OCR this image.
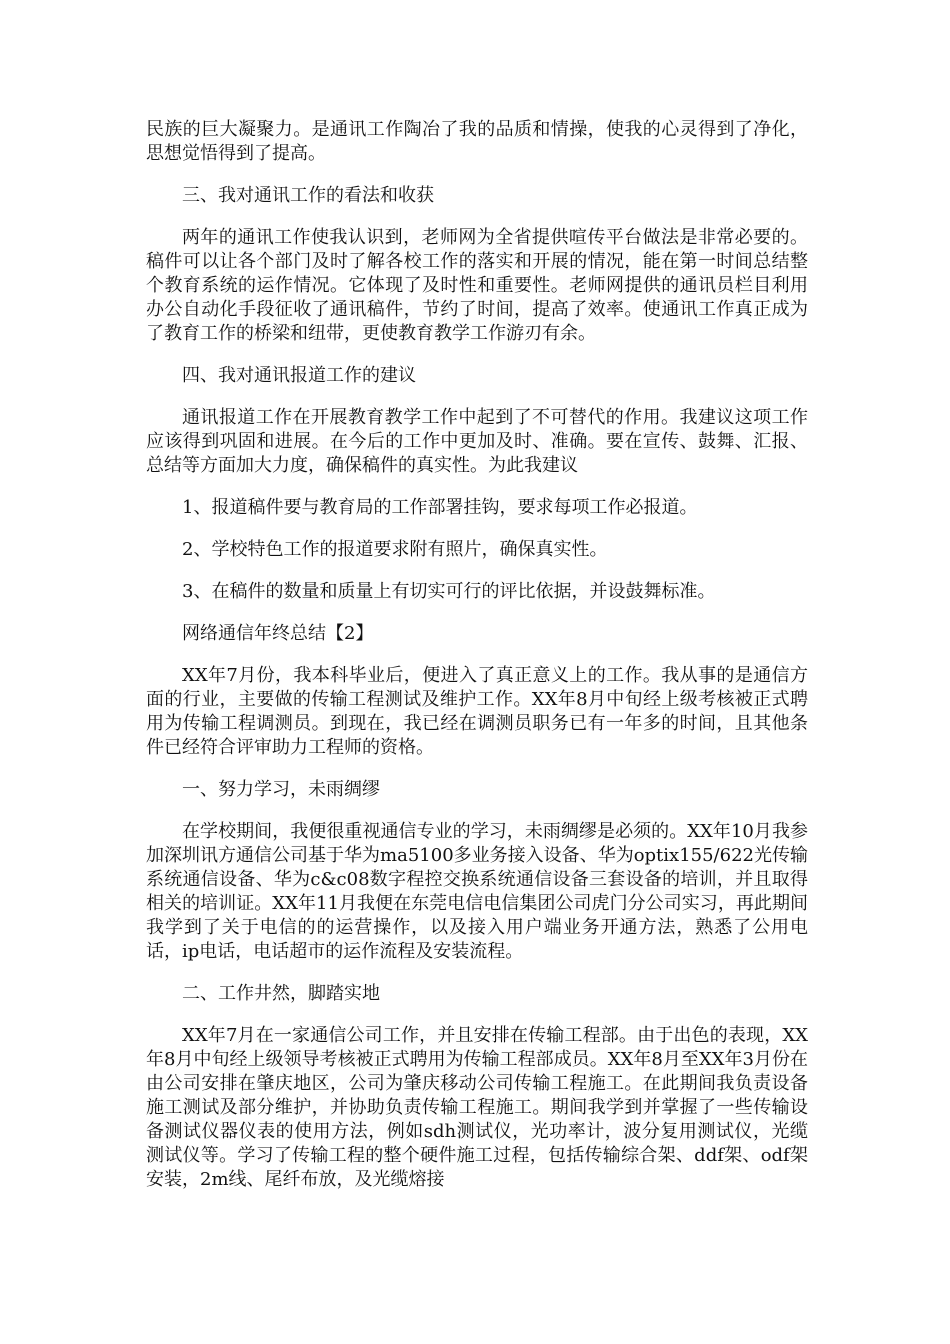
民族的巨大凝聚力。是通讯工作陶冶了我的品质和情操，使我的心灵得到了净化，思想觉悟得到了提高。

三、我对通讯工作的看法和收获

两年的通讯工作使我认识到，老师网为全省提供喧传平台做法是非常必要的。稿件可以让各个部门及时了解各校工作的落实和开展的情况，能在第一时间总结整个教育系统的运作情况。它体现了及时性和重要性。老师网提供的通讯员栏目利用办公自动化手段征收了通讯稿件，节约了时间，提高了效率。使通讯工作真正成为了教育工作的桥梁和纽带，更使教育教学工作游刃有余。

四、我对通讯报道工作的建议

通讯报道工作在开展教育教学工作中起到了不可替代的作用。我建议这项工作应该得到巩固和进展。在今后的工作中更加及时、准确。要在宣传、鼓舞、汇报、总结等方面加大力度，确保稿件的真实性。为此我建议

1、报道稿件要与教育局的工作部署挂钩，要求每项工作必报道。

2、学校特色工作的报道要求附有照片，确保真实性。

3、在稿件的数量和质量上有切实可行的评比依据，并设鼓舞标准。

网络通信年终总结【2】

XX年7月份，我本科毕业后，便进入了真正意义上的工作。我从事的是通信方面的行业，主要做的传输工程测试及维护工作。XX年8月中旬经上级考核被正式聘用为传输工程调测员。到现在，我已经在调测员职务已有一年多的时间，且其他条件已经符合评审助力工程师的资格。

一、努力学习，未雨绸缪

在学校期间，我便很重视通信专业的学习，未雨绸缪是必须的。XX年10月我参加深圳讯方通信公司基于华为ma5100多业务接入设备、华为optix155/622光传输系统通信设备、华为c&c08数字程控交换系统通信设备三套设备的培训，并且取得相关的培训证。XX年11月我便在东莞电信电信集团公司虎门分公司实习，再此期间我学到了关于电信的的运营操作，以及接入用户端业务开通方法，熟悉了公用电话，ip电话，电话超市的运作流程及安装流程。

二、工作井然，脚踏实地

XX年7月在一家通信公司工作，并且安排在传输工程部。由于出色的表现，XX年8月中旬经上级领导考核被正式聘用为传输工程部成员。XX年8月至XX年3月份在由公司安排在肇庆地区，公司为肇庆移动公司传输工程施工。在此期间我负责设备施工测试及部分维护，并协助负责传输工程施工。期间我学到并掌握了一些传输设备测试仪器仪表的使用方法，例如sdh测试仪，光功率计，波分复用测试仪，光缆测试仪等。学习了传输工程的整个硬件施工过程，包括传输综合架、ddf架、odf架安装，2m线、尾纤布放，及光缆熔接
